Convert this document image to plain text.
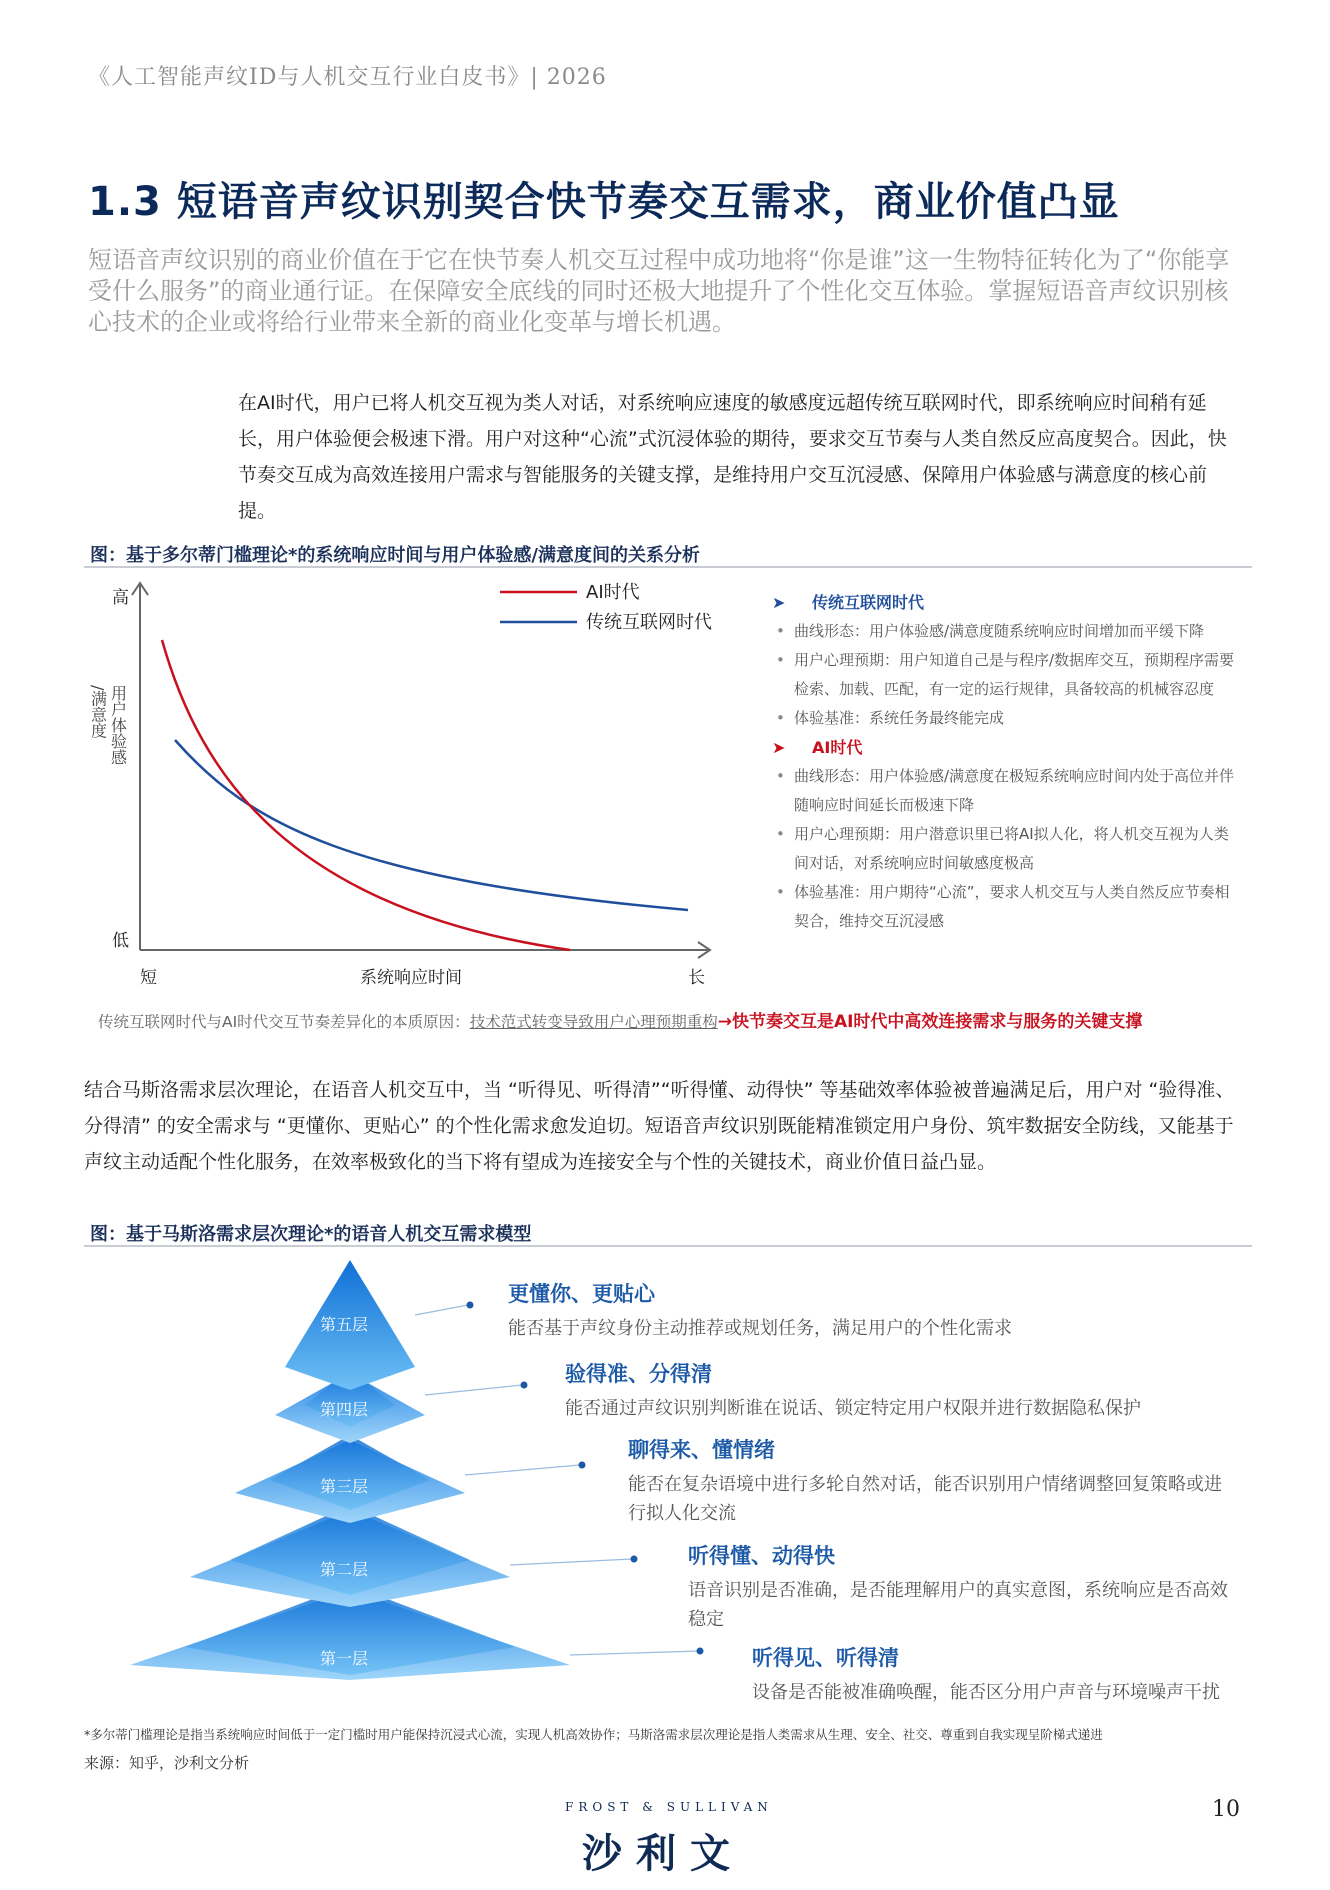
《人工智能声纹ID与人机交互行业白皮书》| 2026
1.3 短语音声纹识别契合快节奏交互需求，商业价值凸显
短语音声纹识别的商业价值在于它在快节奏人机交互过程中成功地将“你是谁”这一生物特征转化为了“你能享受什么服务”的商业通行证。在保障安全底线的同时还极大地提升了个性化交互体验。掌握短语音声纹识别核心技术的企业或将给行业带来全新的商业化变革与增长机遇。
在AI时代，用户已将人机交互视为类人对话，对系统响应速度的敏感度远超传统互联网时代，即系统响应时间稍有延长，用户体验便会极速下滑。用户对这种“心流”式沉浸体验的期待，要求交互节奏与人类自然反应高度契合。因此，快节奏交互成为高效连接用户需求与智能服务的关键支撑，是维持用户交互沉浸感、保障用户体验感与满意度的核心前提。
图：基于多尔蒂门槛理论*的系统响应时间与用户体验感/满意度间的关系分析
高
低
短	长
系统响应时间
用户体验感
/满意度
AI时代
传统互联网时代
➤ 传统互联网时代
• 曲线形态：用户体验感/满意度随系统响应时间增加而平缓下降
• 用户心理预期：用户知道自己是与程序/数据库交互，预期程序需要检索、加载、匹配，有一定的运行规律，具备较高的机械容忍度
• 体验基准：系统任务最终能完成
➤ AI时代
• 曲线形态：用户体验感/满意度在极短系统响应时间内处于高位并伴随响应时间延长而极速下降
• 用户心理预期：用户潜意识里已将AI拟人化，将人机交互视为人类间对话，对系统响应时间敏感度极高
• 体验基准：用户期待“心流”，要求人机交互与人类自然反应节奏相契合，维持交互沉浸感
传统互联网时代与AI时代交互节奏差异化的本质原因：技术范式转变导致用户心理预期重构→快节奏交互是AI时代中高效连接需求与服务的关键支撑
结合马斯洛需求层次理论，在语音人机交互中，当 “听得见、听得清”“听得懂、动得快” 等基础效率体验被普遍满足后，用户对 “验得准、分得清” 的安全需求与 “更懂你、更贴心” 的个性化需求愈发迫切。短语音声纹识别既能精准锁定用户身份、筑牢数据安全防线，又能基于声纹主动适配个性化服务，在效率极致化的当下将有望成为连接安全与个性的关键技术，商业价值日益凸显。
图：基于马斯洛需求层次理论*的语音人机交互需求模型
第五层
第四层
第三层
第二层
第一层
更懂你、更贴心
能否基于声纹身份主动推荐或规划任务，满足用户的个性化需求
验得准、分得清
能否通过声纹识别判断谁在说话、锁定特定用户权限并进行数据隐私保护
聊得来、懂情绪
能否在复杂语境中进行多轮自然对话，能否识别用户情绪调整回复策略或进行拟人化交流
听得懂、动得快
语音识别是否准确，是否能理解用户的真实意图，系统响应是否高效稳定
听得见、听得清
设备是否能被准确唤醒，能否区分用户声音与环境噪声干扰
*多尔蒂门槛理论是指当系统响应时间低于一定门槛时用户能保持沉浸式心流，实现人机高效协作；马斯洛需求层次理论是指人类需求从生理、安全、社交、尊重到自我实现呈阶梯式递进
来源：知乎，沙利文分析
FROST & SULLIVAN
沙利文
10
